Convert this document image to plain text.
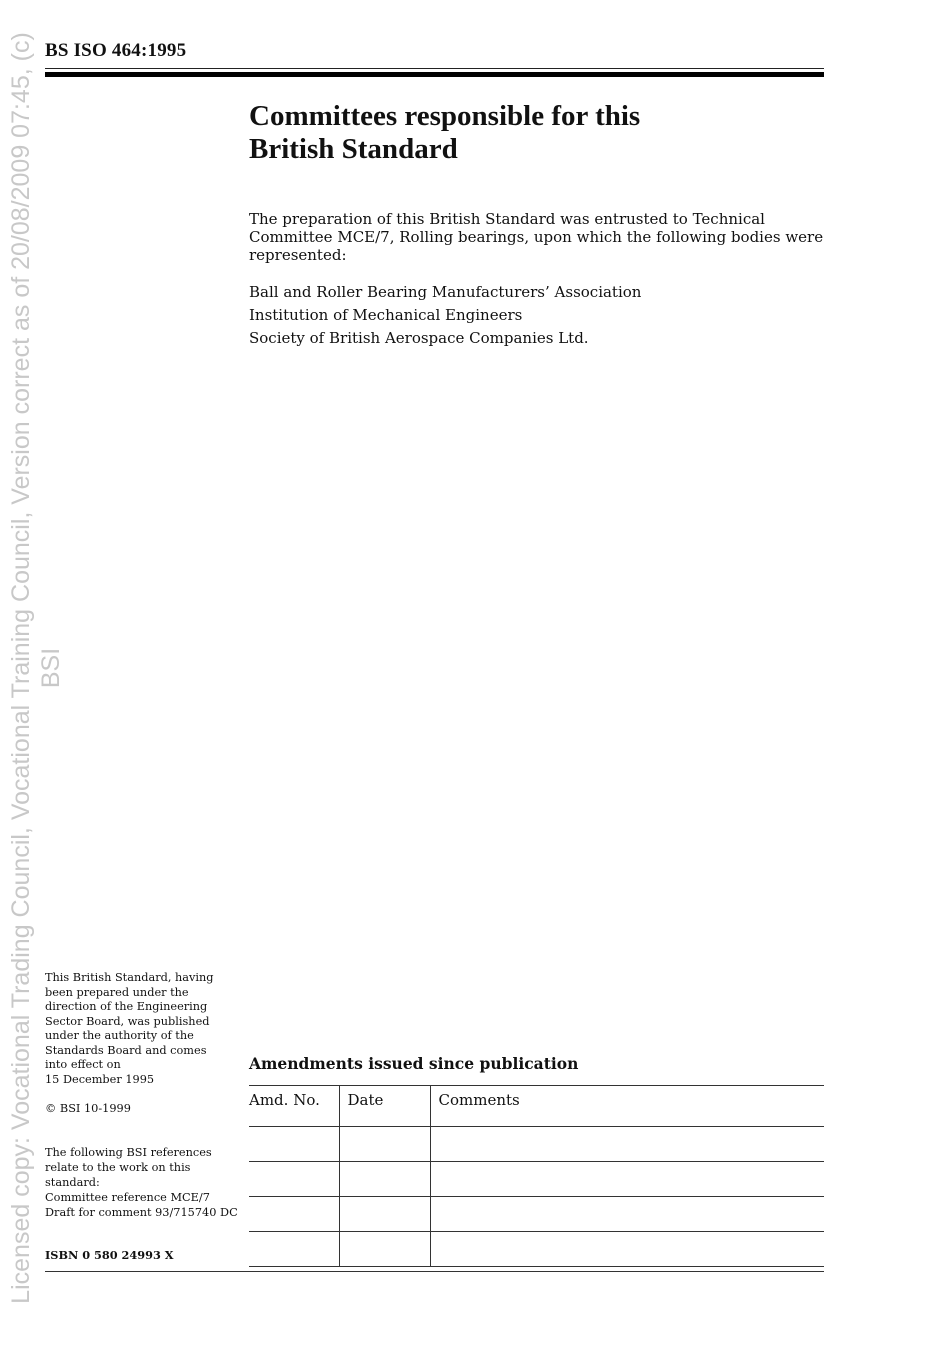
Licensed copy: Vocational Trading Council, Vocational Training Council, Version correct as of 20/08/2009 07:45, (c) BSI
BS ISO 464:1995
Committees responsible for this
British Standard

The preparation of this British Standard was entrusted to Technical Committee MCE/7, Rolling bearings, upon which the following bodies were represented:

Ball and Roller Bearing Manufacturers’ Association
Institution of Mechanical Engineers
Society of British Aerospace Companies Ltd.

This British Standard, having
been prepared under the
direction of the Engineering
Sector Board, was published
under the authority of the
Standards Board and comes
into effect on
15 December 1995

© BSI 10-1999

The following BSI references
relate to the work on this
standard:
Committee reference MCE/7
Draft for comment 93/715740 DC

ISBN 0 580 24993 X
Amendments issued since publication
Amd. No.	Date	Comments
